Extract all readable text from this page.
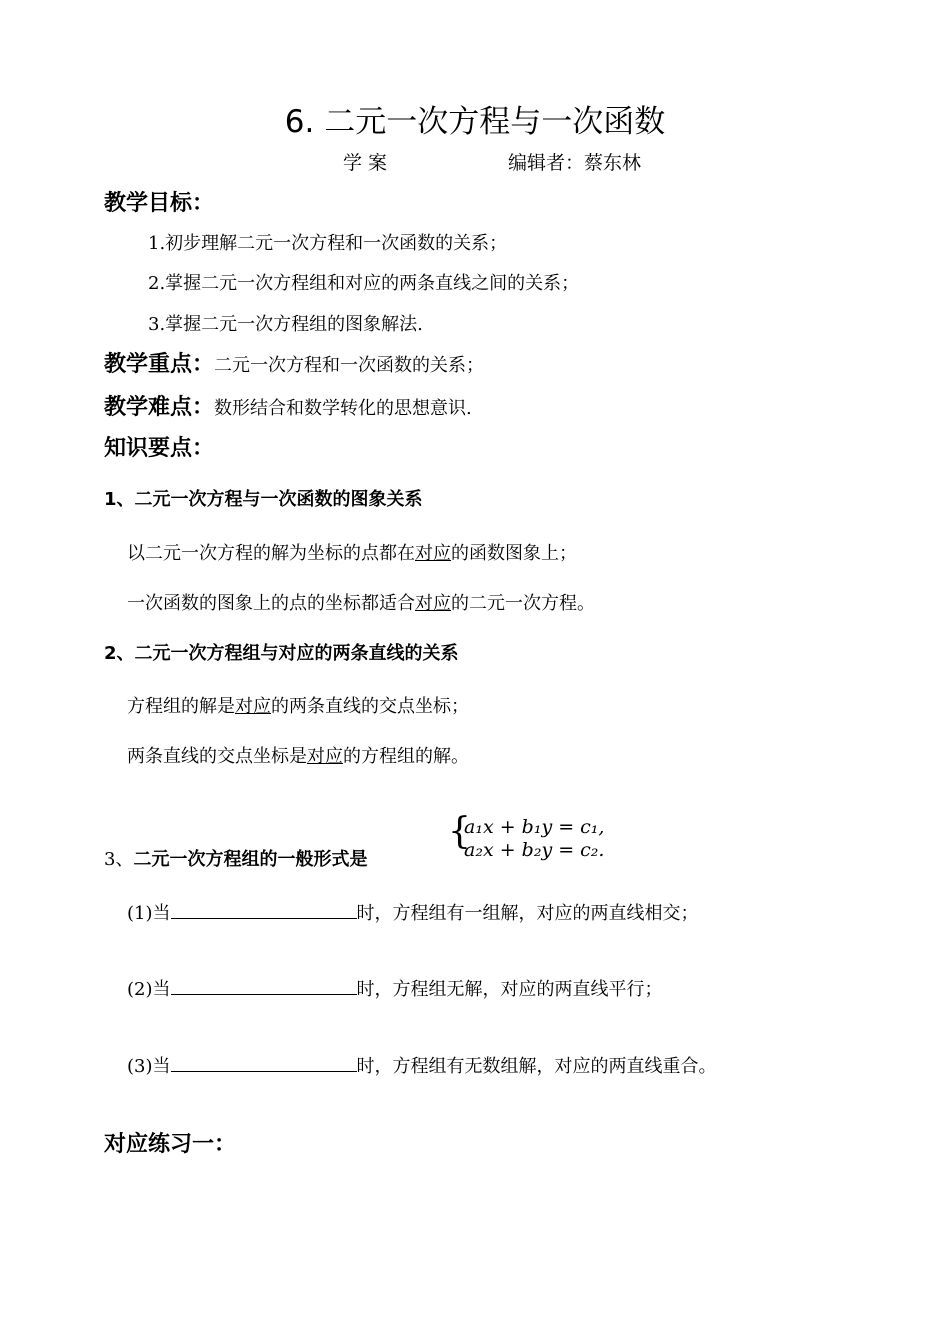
6. 二元一次方程与一次函数
学 案	编辑者：蔡东林
教学目标：
1.初步理解二元一次方程和一次函数的关系；
2.掌握二元一次方程组和对应的两条直线之间的关系；
3.掌握二元一次方程组的图象解法.
教学重点：二元一次方程和一次函数的关系；
教学难点：数形结合和数学转化的思想意识.
知识要点：
1、二元一次方程与一次函数的图象关系
以二元一次方程的解为坐标的点都在对应的函数图象上；
一次函数的图象上的点的坐标都适合对应的二元一次方程。
2、二元一次方程组与对应的两条直线的关系
方程组的解是对应的两条直线的交点坐标；
两条直线的交点坐标是对应的方程组的解。
3、二元一次方程组的一般形式是
{
a₁x + b₁y = c₁,
a₂x + b₂y = c₂.
(1)当	时，方程组有一组解，对应的两直线相交；
(2)当	时，方程组无解，对应的两直线平行；
(3)当	时，方程组有无数组解，对应的两直线重合。
对应练习一：
